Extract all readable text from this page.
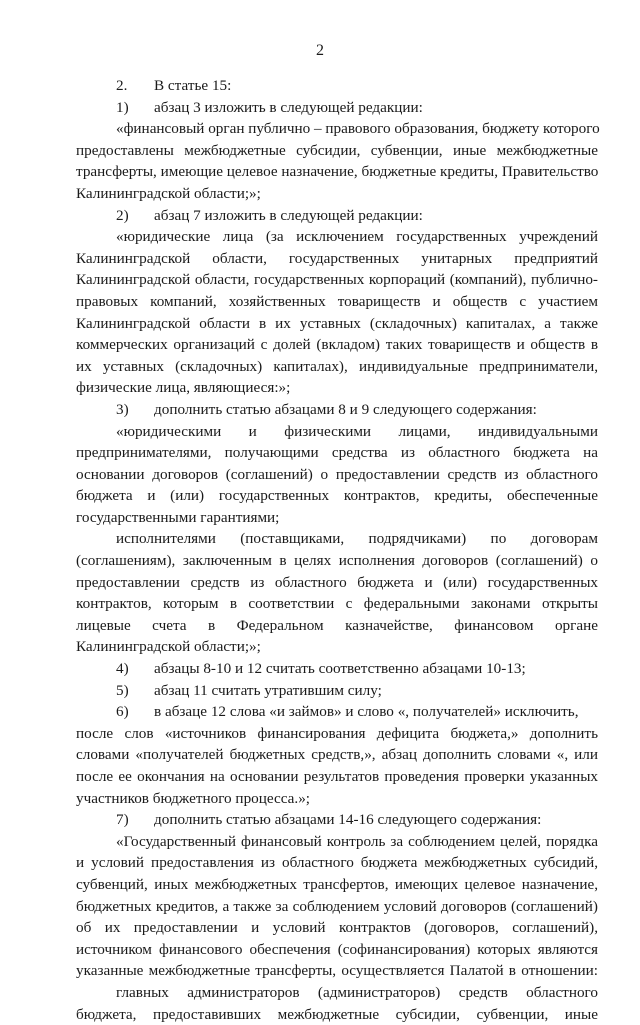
2
2.	В статье 15:
1)	абзац 3 изложить в следующей редакции:
«финансовый орган публично – правового образования, бюджету которого
предоставлены межбюджетные субсидии, субвенции, иные межбюджетные
трансферты, имеющие целевое назначение, бюджетные кредиты, Правительство
Калининградской области;»;
2)	абзац 7 изложить в следующей редакции:
«юридические лица (за исключением государственных учреждений
Калининградской области, государственных унитарных предприятий
Калининградской области, государственных корпораций (компаний), публично-
правовых компаний, хозяйственных товариществ и обществ с участием
Калининградской области в их уставных (складочных) капиталах, а также
коммерческих организаций с долей (вкладом) таких товариществ и обществ в
их уставных (складочных) капиталах), индивидуальные предприниматели,
физические лица, являющиеся:»;
3)	дополнить статью абзацами 8 и 9 следующего содержания:
«юридическими и физическими лицами, индивидуальными
предпринимателями, получающими средства из областного бюджета на
основании договоров (соглашений) о предоставлении средств из областного
бюджета и (или) государственных контрактов, кредиты, обеспеченные
государственными гарантиями;
исполнителями (поставщиками, подрядчиками) по договорам
(соглашениям), заключенным в целях исполнения договоров (соглашений) о
предоставлении средств из областного бюджета и (или) государственных
контрактов, которым в соответствии с федеральными законами открыты
лицевые счета в Федеральном казначействе, финансовом органе
Калининградской области;»;
4)	абзацы 8-10 и 12 считать соответственно абзацами 10-13;
5)	абзац 11 считать утратившим силу;
6)	в абзаце 12 слова «и займов» и слово «, получателей» исключить,
после слов «источников финансирования дефицита бюджета,» дополнить
словами «получателей бюджетных средств,», абзац дополнить словами «, или
после ее окончания на основании результатов проведения проверки указанных
участников бюджетного процесса.»;
7)	дополнить статью абзацами 14-16 следующего содержания:
«Государственный финансовый контроль за соблюдением целей, порядка
и условий предоставления из областного бюджета межбюджетных субсидий,
субвенций, иных межбюджетных трансфертов, имеющих целевое назначение,
бюджетных кредитов, а также за соблюдением условий договоров (соглашений)
об их предоставлении и условий контрактов (договоров, соглашений),
источником финансового обеспечения (софинансирования) которых являются
указанные межбюджетные трансферты, осуществляется Палатой в отношении:
главных администраторов (администраторов) средств областного
бюджета, предоставивших межбюджетные субсидии, субвенции, иные
